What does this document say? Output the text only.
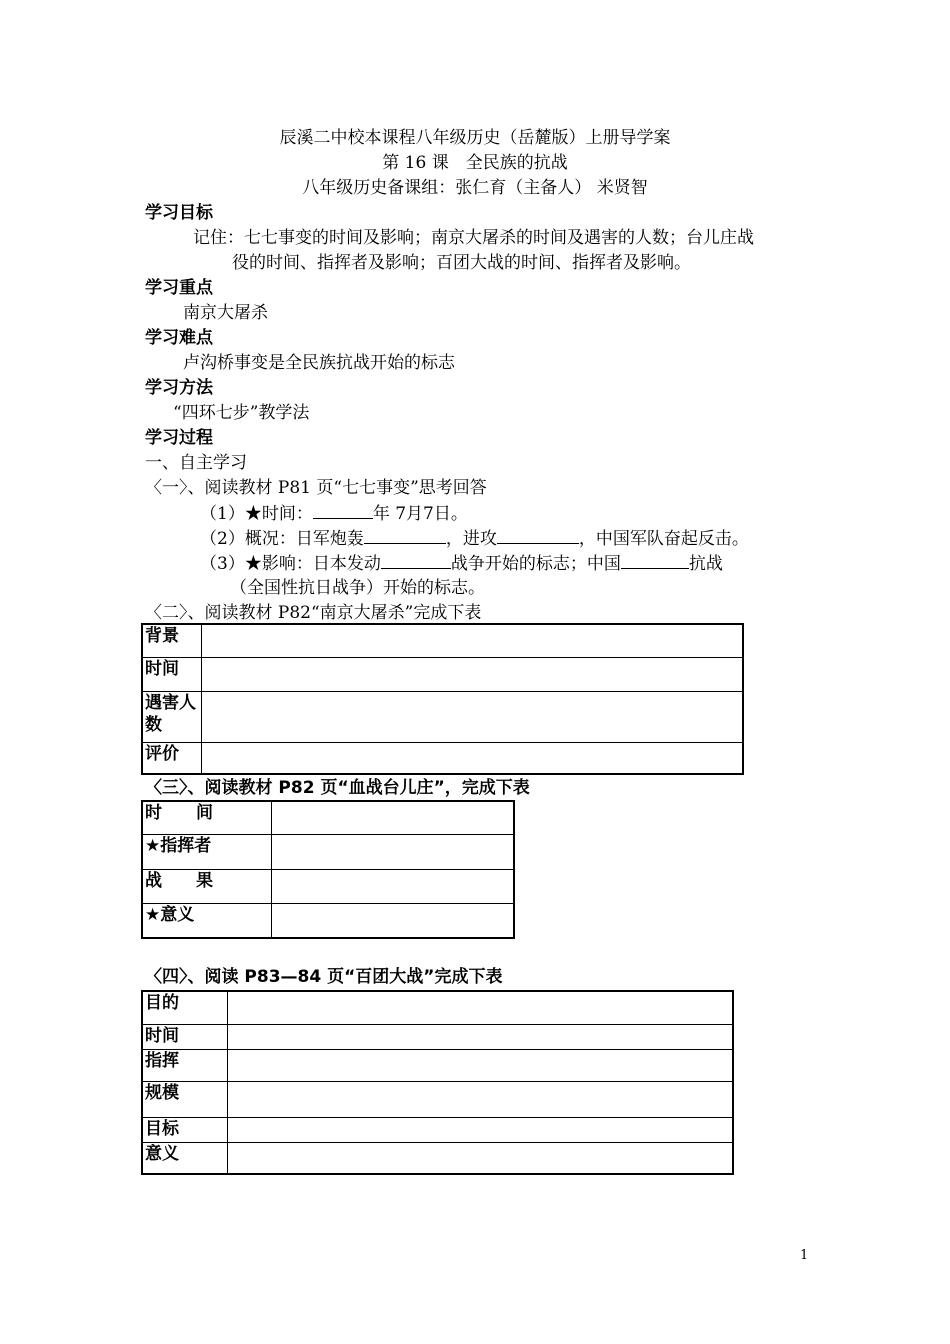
辰溪二中校本课程八年级历史（岳麓版）上册导学案
第 16 课　全民族的抗战
八年级历史备课组：张仁育（主备人） 米贤智
学习目标
记住：七七事变的时间及影响；南京大屠杀的时间及遇害的人数；台儿庄战
役的时间、指挥者及影响；百团大战的时间、指挥者及影响。
学习重点
南京大屠杀
学习难点
卢沟桥事变是全民族抗战开始的标志
学习方法
“四环七步”教学法
学习过程
一、自主学习
〈一〉、阅读教材 P81 页“七七事变”思考回答
（1）★时间：	年 7月7日。
（2）概况：日军炮轰	，进攻	，中国军队奋起反击。
（3）★影响：日本发动	战争开始的标志；中国	抗战
（全国性抗日战争）开始的标志。
〈二〉、阅读教材 P82“南京大屠杀”完成下表
背景	
时间	
遇害人数	
评价	
〈三〉、阅读教材 P82 页“血战台儿庄”，完成下表
时　　间	
★指挥者	
战　　果	
★意义	
〈四〉、阅读 P83—84 页“百团大战”完成下表
目的	
时间	
指挥	
规模	
目标	
意义	
1
